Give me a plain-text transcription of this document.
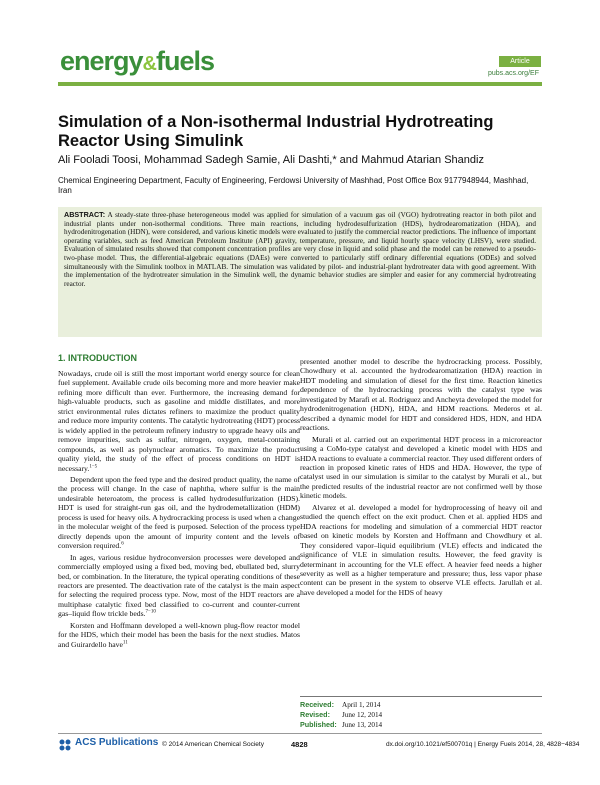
energy&fuels	Article
pubs.acs.org/EF
Simulation of a Non-isothermal Industrial Hydrotreating Reactor Using Simulink
Ali Fooladi Toosi, Mohammad Sadegh Samie, Ali Dashti,* and Mahmud Atarian Shandiz
Chemical Engineering Department, Faculty of Engineering, Ferdowsi University of Mashhad, Post Office Box 9177948944, Mashhad, Iran
ABSTRACT: A steady-state three-phase heterogeneous model was applied for simulation of a vacuum gas oil (VGO) hydrotreating reactor in both pilot and industrial plants under non-isothermal conditions. Three main reactions, including hydrodesulfurization (HDS), hydrodearomatization (HDA), and hydrodenitrogenation (HDN), were considered, and various kinetic models were evaluated to justify the commercial reactor predictions. The influence of important operating variables, such as feed American Petroleum Institute (API) gravity, temperature, pressure, and liquid hourly space velocity (LHSV), were studied. Evaluation of simulated results showed that component concentration profiles are very close in liquid and solid phase and the model can be renewed to a pseudo-two-phase model. Thus, the differential-algebraic equations (DAEs) were converted to particularly stiff ordinary differential equations (ODEs) and solved simultaneously with the Simulink toolbox in MATLAB. The simulation was validated by pilot- and industrial-plant hydrotreater data with good agreement. With the implementation of the hydrotreater simulation in the Simulink well, the dynamic behavior studies are simpler and easier for any commercial hydrotreating reactor.
1. INTRODUCTION

Nowadays, crude oil is still the most important world energy source for clean fuel supplement. Available crude oils becoming more and more heavier make refining more difficult than ever. Furthermore, the increasing demand for high-valuable products, such as gasoline and middle distillates, and more strict environmental rules dictates refiners to maximize the product quality and reduce more impurity contents. The catalytic hydrotreating (HDT) process is widely applied in the petroleum refinery industry to upgrade heavy oils and remove impurities, such as sulfur, nitrogen, oxygen, metal-containing compounds, as well as polynuclear aromatics. To maximize the product quality yield, the study of the effect of process conditions on HDT is necessary.$^{1-5}$

Dependent upon the feed type and the desired product quality, the name of the process will change. In the case of naphtha, where sulfur is the main undesirable heteroatom, the process is called hydrodesulfurization (HDS). HDT is used for straight-run gas oil, and the hydrodemetallization (HDM) process is used for heavy oils. A hydrocracking process is used when a change in the molecular weight of the feed is purposed. Selection of the process type directly depends upon the amount of impurity content and the levels of conversion required.$^6$

In ages, various residue hydroconversion processes were developed and commercially employed using a fixed bed, moving bed, ebullated bed, slurry bed, or combination. In the literature, the typical operating conditions of these reactors are presented. The deactivation rate of the catalyst is the main aspect for selecting the required process type. Now, most of the HDT reactors are a multiphase catalytic fixed bed classified to co-current and counter-current gas–liquid flow trickle beds.$^{7-10}$

Korsten and Hoffmann developed a well-known plug-flow reactor model for the HDS, which their model has been the basis for the next studies. Matos and Guirardello have$^{11}$

presented another model to describe the hydrocracking process. Possibly, Chowdhury et al. accounted the hydrodearomatization (HDA) reaction in HDT modeling and simulation of diesel for the first time. Reaction kinetics dependence of the hydrocracking process with the catalyst type was investigated by Marafi et al. Rodriguez and Ancheyta developed the model for hydrodenitrogenation (HDN), HDA, and HDM reactions. Mederos et al. described a dynamic model for HDT and considered HDS, HDN, and HDA reactions.

Murali et al. carried out an experimental HDT process in a microreactor using a CoMo-type catalyst and developed a kinetic model with HDS and HDA reactions to evaluate a commercial reactor. They used different orders of reaction in proposed kinetic rates of HDS and HDA. However, the type of catalyst used in our simulation is similar to the catalyst by Murali et al., but the predicted results of the industrial reactor are not confirmed well by those kinetic models.

Alvarez et al. developed a model for hydroprocessing of heavy oil and studied the quench effect on the exit product. Chen et al. applied HDS and HDA reactions for modeling and simulation of a commercial HDT reactor based on kinetic models by Korsten and Hoffmann and Chowdhury et al. They considered vapor–liquid equilibrium (VLE) effects and indicated the significance of VLE in simulation results. However, the feed gravity is determinant in accounting for the VLE effect. A heavier feed needs a higher severity as well as a higher temperature and pressure; thus, less vapor phase content can be present in the system to observe VLE effects. Jarullah et al. have developed a model for the HDS of heavy

Received: April 1, 2014
Revised: June 12, 2014
Published: June 13, 2014
ACS Publications © 2014 American Chemical Society	4828	dx.doi.org/10.1021/ef500701q | Energy Fuels 2014, 28, 4828−4834
